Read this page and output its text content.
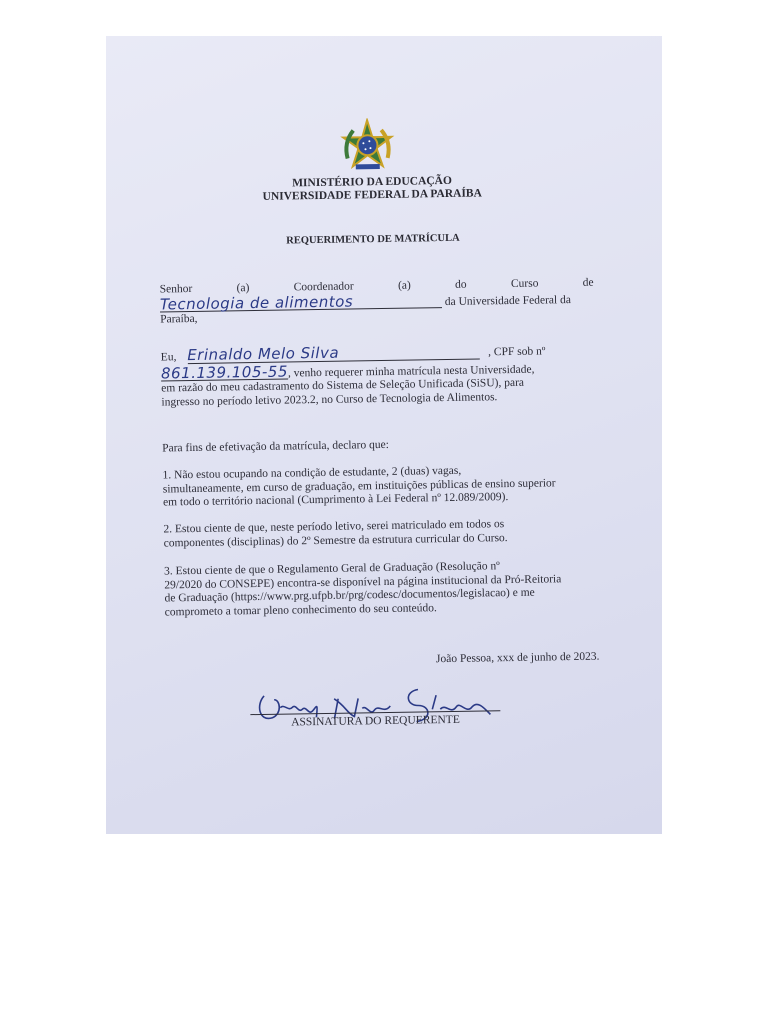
MINISTÉRIO DA EDUCAÇÃO
UNIVERSIDADE FEDERAL DA PARAÍBA
REQUERIMENTO DE MATRÍCULA
Senhor	(a)	Coordenador	(a)	do	Curso	de
Tecnologia de alimentos	da Universidade Federal da
Paraíba,
Eu, Erinaldo Melo Silva	, CPF sob nº
861.139.105-55, venho requerer minha matrícula nesta Universidade,
em razão do meu cadastramento do Sistema de Seleção Unificada (SiSU), para
ingresso no período letivo 2023.2, no Curso de Tecnologia de Alimentos.
Para fins de efetivação da matrícula, declaro que:
1. Não estou ocupando na condição de estudante, 2 (duas) vagas,
simultaneamente, em curso de graduação, em instituições públicas de ensino superior
em todo o território nacional (Cumprimento à Lei Federal nº 12.089/2009).
2. Estou ciente de que, neste período letivo, serei matriculado em todos os
componentes (disciplinas) do 2º Semestre da estrutura curricular do Curso.
3. Estou ciente de que o Regulamento Geral de Graduação (Resolução nº
29/2020 do CONSEPE) encontra-se disponível na página institucional da Pró-Reitoria
de Graduação (https://www.prg.ufpb.br/prg/codesc/documentos/legislacao) e me
comprometo a tomar pleno conhecimento do seu conteúdo.
João Pessoa, xxx de junho de 2023.
ASSINATURA DO REQUERENTE
